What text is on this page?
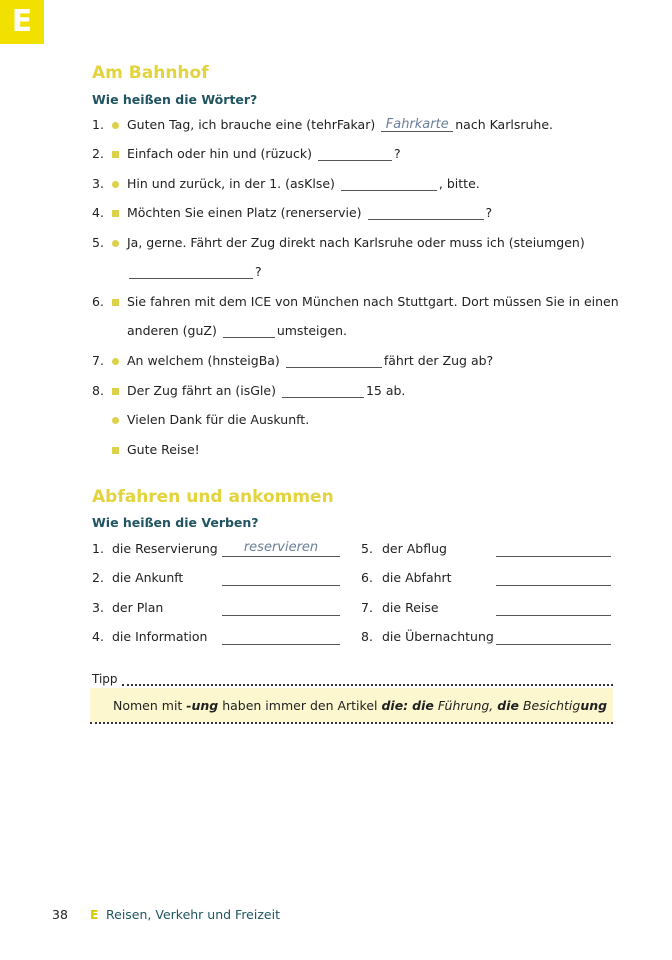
E
Am Bahnhof
Wie heißen die Wörter?
1.	Guten Tag, ich brauche eine (tehrFakar) Fahrkarte nach Karlsruhe.
2.	Einfach oder hin und (rüzuck)	?
3.	Hin und zurück, in der 1. (asKlse)	, bitte.
4.	Möchten Sie einen Platz (renerservie)	?
5.	Ja, gerne. Fährt der Zug direkt nach Karlsruhe oder muss ich (steiumgen)
?
6.	Sie fahren mit dem ICE von München nach Stuttgart. Dort müssen Sie in einen
anderen (guZ)	umsteigen.
7.	An welchem (hnsteigBa)	fährt der Zug ab?
8.	Der Zug fährt an (isGle)	15 ab.
Vielen Dank für die Auskunft.
Gute Reise!
Abfahren und ankommen
Wie heißen die Verben?
1. die Reservierung	reservieren
2. die Ankunft
3. der Plan
4. die Information
5. der Abflug
6. die Abfahrt
7. die Reise
8. die Übernachtung
Tipp
Nomen mit -ung haben immer den Artikel die: die Führung, die Besichtigung
38 E Reisen, Verkehr und Freizeit
